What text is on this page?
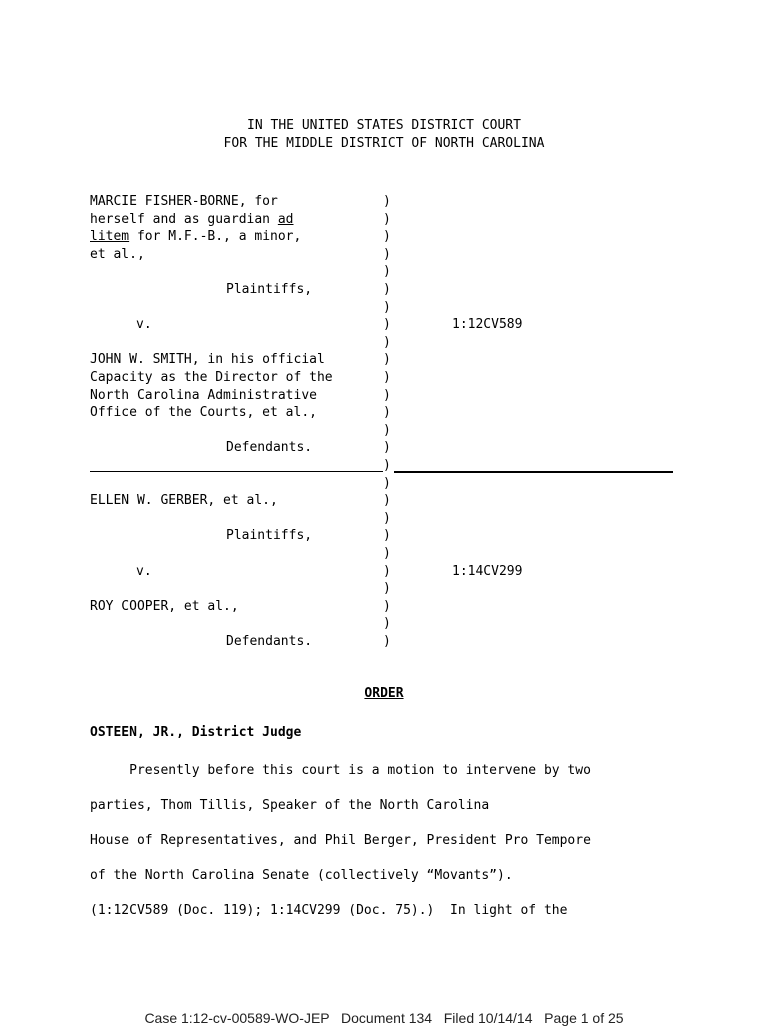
IN THE UNITED STATES DISTRICT COURT
FOR THE MIDDLE DISTRICT OF NORTH CAROLINA
MARCIE FISHER-BORNE, for
herself and as guardian ad
litem for M.F.-B., a minor,
et al.,
Plaintiffs,
v.	1:12CV589
JOHN W. SMITH, in his official
Capacity as the Director of the
North Carolina Administrative
Office of the Courts, et al.,
Defendants.
ELLEN W. GERBER, et al.,
Plaintiffs,
v.	1:14CV299
ROY COOPER, et al.,
Defendants.
)
)
)
)
)
)
)
)
)
)
)
)
)
)
)
)
)
)
)
)
)
)
)
)
)
)
ORDER
OSTEEN, JR., District Judge
Presently before this court is a motion to intervene by two
parties, Thom Tillis, Speaker of the North Carolina
House of Representatives, and Phil Berger, President Pro Tempore
of the North Carolina Senate (collectively “Movants”).
(1:12CV589 (Doc. 119); 1:14CV299 (Doc. 75).)  In light of the
Case 1:12-cv-00589-WO-JEP   Document 134   Filed 10/14/14   Page 1 of 25
